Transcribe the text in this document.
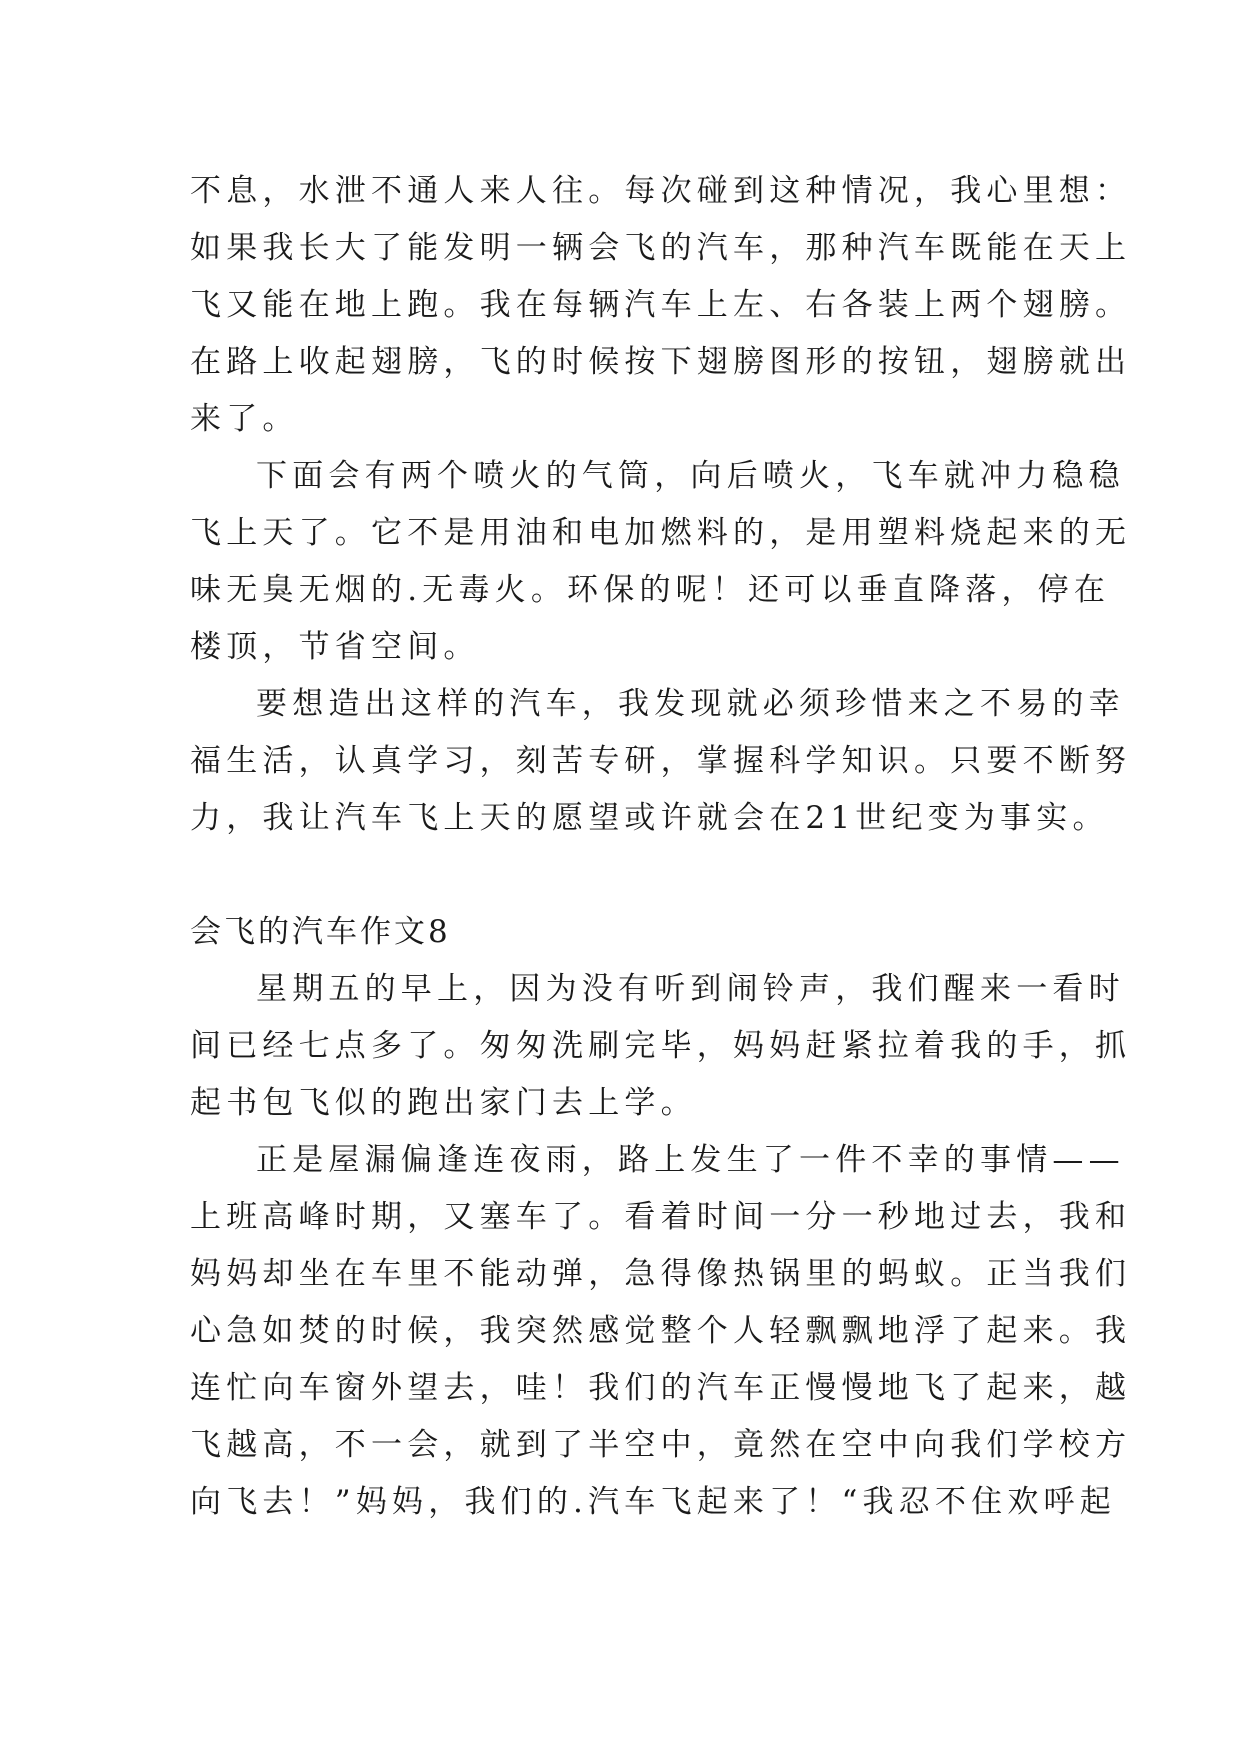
不息，水泄不通人来人往。每次碰到这种情况，我心里想：
如果我长大了能发明一辆会飞的汽车，那种汽车既能在天上
飞又能在地上跑。我在每辆汽车上左、右各装上两个翅膀。
在路上收起翅膀，飞的时候按下翅膀图形的按钮，翅膀就出
来了。
下面会有两个喷火的气筒，向后喷火，飞车就冲力稳稳
飞上天了。它不是用油和电加燃料的，是用塑料烧起来的无
味无臭无烟的.无毒火。环保的呢！还可以垂直降落，停在
楼顶，节省空间。
要想造出这样的汽车，我发现就必须珍惜来之不易的幸
福生活，认真学习，刻苦专研，掌握科学知识。只要不断努
力，我让汽车飞上天的愿望或许就会在21世纪变为事实。
会飞的汽车作文8
星期五的早上，因为没有听到闹铃声，我们醒来一看时
间已经七点多了。匆匆洗刷完毕，妈妈赶紧拉着我的手，抓
起书包飞似的跑出家门去上学。
正是屋漏偏逢连夜雨，路上发生了一件不幸的事情——
上班高峰时期，又塞车了。看着时间一分一秒地过去，我和
妈妈却坐在车里不能动弹，急得像热锅里的蚂蚁。正当我们
心急如焚的时候，我突然感觉整个人轻飘飘地浮了起来。我
连忙向车窗外望去，哇！我们的汽车正慢慢地飞了起来，越
飞越高，不一会，就到了半空中，竟然在空中向我们学校方
向飞去！”妈妈，我们的.汽车飞起来了！“我忍不住欢呼起
